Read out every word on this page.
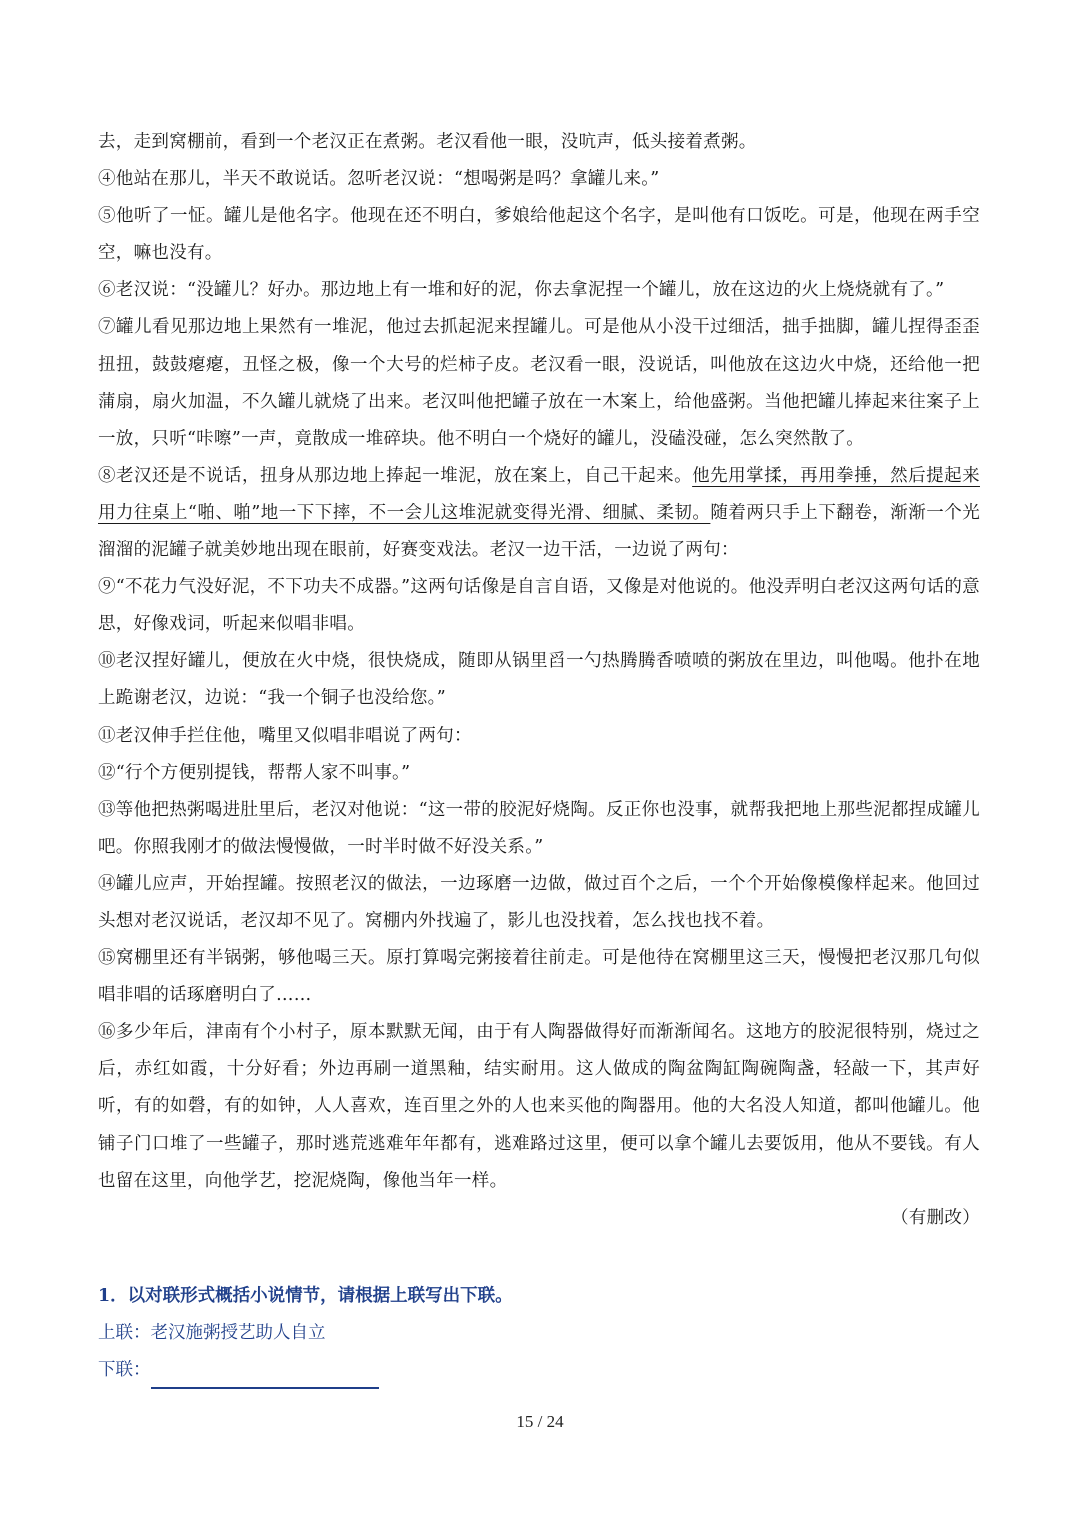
去，走到窝棚前，看到一个老汉正在煮粥。老汉看他一眼，没吭声，低头接着煮粥。

④他站在那儿，半天不敢说话。忽听老汉说：“想喝粥是吗？拿罐儿来。”

⑤他听了一怔。罐儿是他名字。他现在还不明白，爹娘给他起这个名字，是叫他有口饭吃。可是，他现在两手空空，嘛也没有。

⑥老汉说：“没罐儿？好办。那边地上有一堆和好的泥，你去拿泥捏一个罐儿，放在这边的火上烧烧就有了。”

⑦罐儿看见那边地上果然有一堆泥，他过去抓起泥来捏罐儿。可是他从小没干过细活，拙手拙脚，罐儿捏得歪歪扭扭，鼓鼓瘪瘪，丑怪之极，像一个大号的烂柿子皮。老汉看一眼，没说话，叫他放在这边火中烧，还给他一把蒲扇，扇火加温，不久罐儿就烧了出来。老汉叫他把罐子放在一木案上，给他盛粥。当他把罐儿捧起来往案子上一放，只听“咔嚓”一声，竟散成一堆碎块。他不明白一个烧好的罐儿，没磕没碰，怎么突然散了。

⑧老汉还是不说话，扭身从那边地上捧起一堆泥，放在案上，自己干起来。他先用掌揉，再用拳捶，然后提起来用力往桌上“啪、啪”地一下下摔，不一会儿这堆泥就变得光滑、细腻、柔韧。随着两只手上下翻卷，渐渐一个光溜溜的泥罐子就美妙地出现在眼前，好赛变戏法。老汉一边干活，一边说了两句：

⑨“不花力气没好泥，不下功夫不成器。”这两句话像是自言自语，又像是对他说的。他没弄明白老汉这两句话的意思，好像戏词，听起来似唱非唱。

⑩老汉捏好罐儿，便放在火中烧，很快烧成，随即从锅里舀一勺热腾腾香喷喷的粥放在里边，叫他喝。他扑在地上跪谢老汉，边说：“我一个铜子也没给您。”

⑪老汉伸手拦住他，嘴里又似唱非唱说了两句：

⑫“行个方便别提钱，帮帮人家不叫事。”

⑬等他把热粥喝进肚里后，老汉对他说：“这一带的胶泥好烧陶。反正你也没事，就帮我把地上那些泥都捏成罐儿吧。你照我刚才的做法慢慢做，一时半时做不好没关系。”

⑭罐儿应声，开始捏罐。按照老汉的做法，一边琢磨一边做，做过百个之后，一个个开始像模像样起来。他回过头想对老汉说话，老汉却不见了。窝棚内外找遍了，影儿也没找着，怎么找也找不着。

⑮窝棚里还有半锅粥，够他喝三天。原打算喝完粥接着往前走。可是他待在窝棚里这三天，慢慢把老汉那几句似唱非唱的话琢磨明白了……

⑯多少年后，津南有个小村子，原本默默无闻，由于有人陶器做得好而渐渐闻名。这地方的胶泥很特别，烧过之后，赤红如霞，十分好看；外边再刷一道黑釉，结实耐用。这人做成的陶盆陶缸陶碗陶盏，轻敲一下，其声好听，有的如磬，有的如钟，人人喜欢，连百里之外的人也来买他的陶器用。他的大名没人知道，都叫他罐儿。他铺子门口堆了一些罐子，那时逃荒逃难年年都有，逃难路过这里，便可以拿个罐儿去要饭用，他从不要钱。有人也留在这里，向他学艺，挖泥烧陶，像他当年一样。

（有删改）

1．以对联形式概括小说情节，请根据上联写出下联。

上联：老汉施粥授艺助人自立

下联：

15 / 24
